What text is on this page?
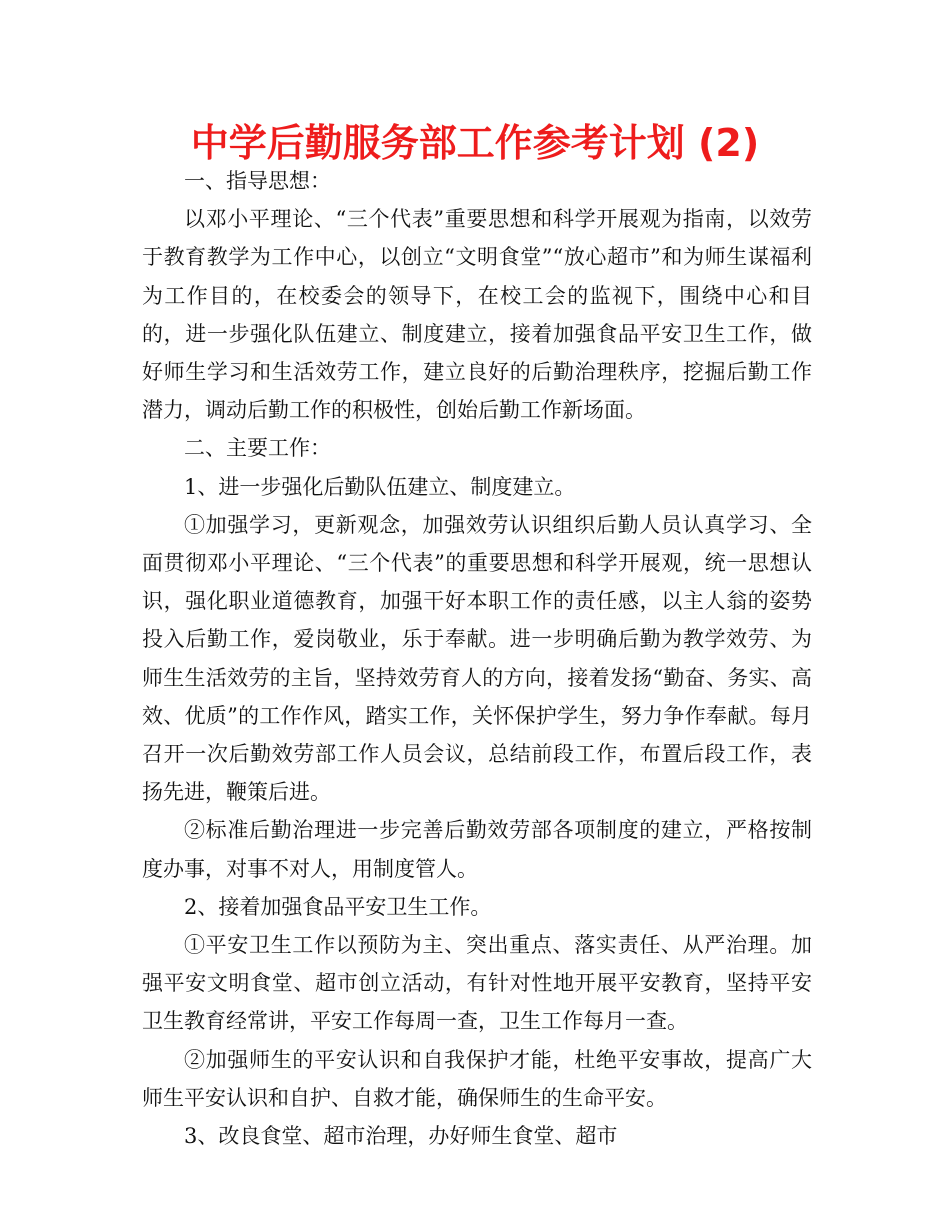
中学后勤服务部工作参考计划 (2)

一、指导思想：

以邓小平理论、“三个代表”重要思想和科学开展观为指南，以效劳于教育教学为工作中心，以创立“文明食堂”“放心超市”和为师生谋福利为工作目的，在校委会的领导下，在校工会的监视下，围绕中心和目的，进一步强化队伍建立、制度建立，接着加强食品平安卫生工作，做好师生学习和生活效劳工作，建立良好的后勤治理秩序，挖掘后勤工作潜力，调动后勤工作的积极性，创始后勤工作新场面。

二、主要工作：

1、进一步强化后勤队伍建立、制度建立。

①加强学习，更新观念，加强效劳认识组织后勤人员认真学习、全面贯彻邓小平理论、“三个代表”的重要思想和科学开展观，统一思想认识，强化职业道德教育，加强干好本职工作的责任感，以主人翁的姿势投入后勤工作，爱岗敬业，乐于奉献。进一步明确后勤为教学效劳、为师生生活效劳的主旨，坚持效劳育人的方向，接着发扬“勤奋、务实、高效、优质”的工作作风，踏实工作，关怀保护学生，努力争作奉献。每月召开一次后勤效劳部工作人员会议，总结前段工作，布置后段工作，表扬先进，鞭策后进。

②标准后勤治理进一步完善后勤效劳部各项制度的建立，严格按制度办事，对事不对人，用制度管人。

2、接着加强食品平安卫生工作。

①平安卫生工作以预防为主、突出重点、落实责任、从严治理。加强平安文明食堂、超市创立活动，有针对性地开展平安教育，坚持平安卫生教育经常讲，平安工作每周一查，卫生工作每月一查。

②加强师生的平安认识和自我保护才能，杜绝平安事故，提高广大师生平安认识和自护、自救才能，确保师生的生命平安。

3、改良食堂、超市治理，办好师生食堂、超市
